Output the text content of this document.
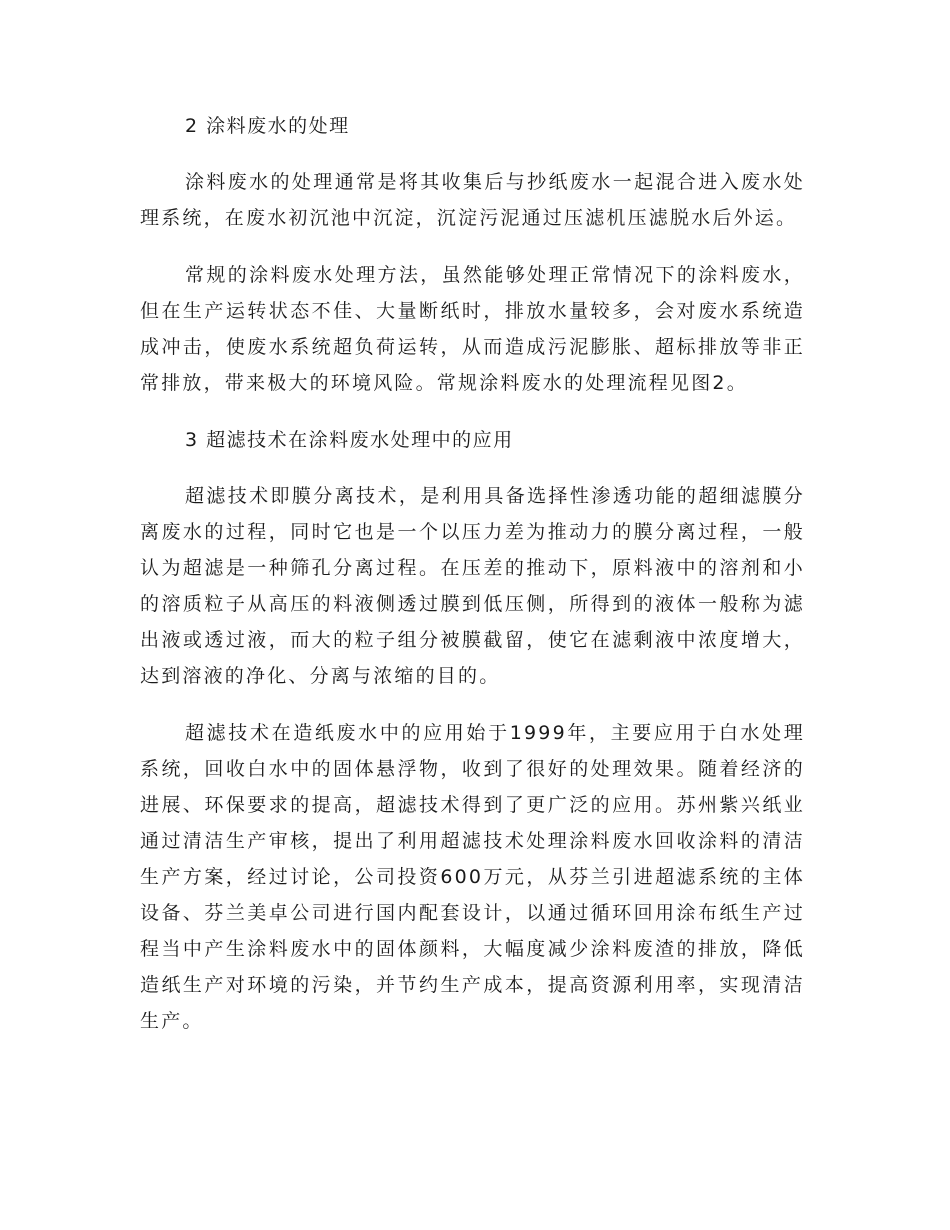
2 涂料废水的处理

涂料废水的处理通常是将其收集后与抄纸废水一起混合进入废水处理系统，在废水初沉池中沉淀，沉淀污泥通过压滤机压滤脱水后外运。

常规的涂料废水处理方法，虽然能够处理正常情况下的涂料废水，但在生产运转状态不佳、大量断纸时，排放水量较多，会对废水系统造成冲击，使废水系统超负荷运转，从而造成污泥膨胀、超标排放等非正常排放，带来极大的环境风险。常规涂料废水的处理流程见图2。

3 超滤技术在涂料废水处理中的应用

超滤技术即膜分离技术，是利用具备选择性渗透功能的超细滤膜分离废水的过程，同时它也是一个以压力差为推动力的膜分离过程，一般认为超滤是一种筛孔分离过程。在压差的推动下，原料液中的溶剂和小的溶质粒子从高压的料液侧透过膜到低压侧，所得到的液体一般称为滤出液或透过液，而大的粒子组分被膜截留，使它在滤剩液中浓度增大，达到溶液的净化、分离与浓缩的目的。

超滤技术在造纸废水中的应用始于1999年，主要应用于白水处理系统，回收白水中的固体悬浮物，收到了很好的处理效果。随着经济的进展、环保要求的提高，超滤技术得到了更广泛的应用。苏州紫兴纸业通过清洁生产审核，提出了利用超滤技术处理涂料废水回收涂料的清洁生产方案，经过讨论，公司投资600万元，从芬兰引进超滤系统的主体设备、芬兰美卓公司进行国内配套设计，以通过循环回用涂布纸生产过程当中产生涂料废水中的固体颜料，大幅度减少涂料废渣的排放，降低造纸生产对环境的污染，并节约生产成本，提高资源利用率，实现清洁生产。
